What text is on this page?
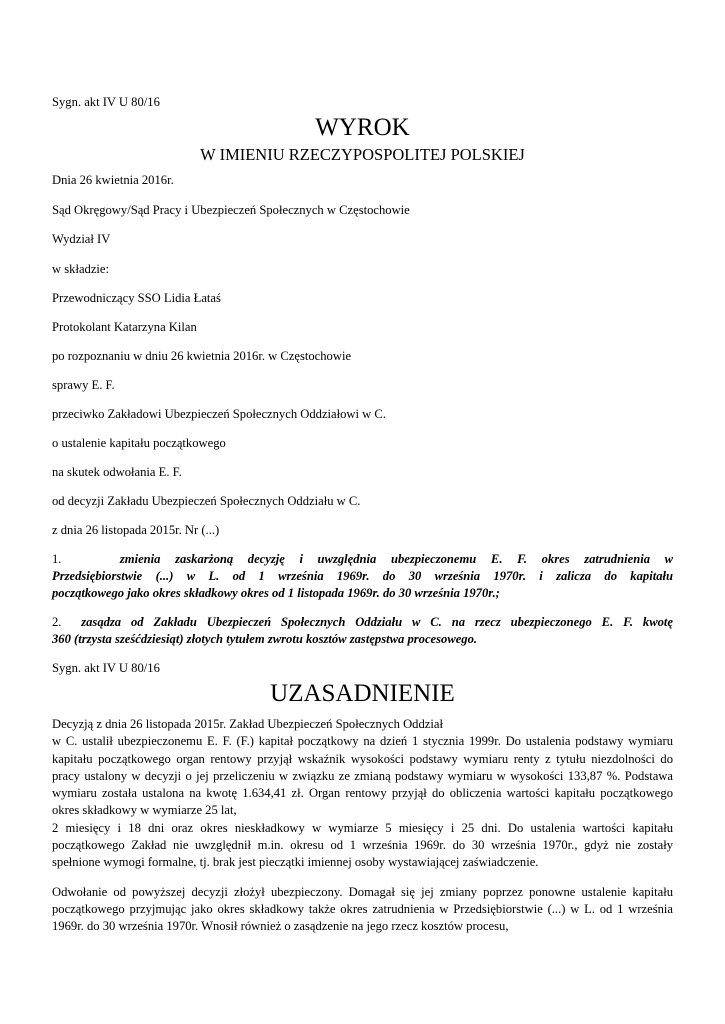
Sygn. akt IV U 80/16
WYROK
W IMIENIU RZECZYPOSPOLITEJ POLSKIEJ
Dnia 26 kwietnia 2016r.
Sąd Okręgowy/Sąd Pracy i Ubezpieczeń Społecznych w Częstochowie
Wydział IV
w składzie:
Przewodniczący SSO Lidia Łataś
Protokolant Katarzyna Kilan
po rozpoznaniu w dniu 26 kwietnia 2016r. w Częstochowie
sprawy E. F.
przeciwko Zakładowi Ubezpieczeń Społecznych Oddziałowi w C.
o ustalenie kapitału początkowego
na skutek odwołania E. F.
od decyzji Zakładu Ubezpieczeń Społecznych Oddziału w C.
z dnia 26 listopada 2015r. Nr (...)
1.	zmienia zaskarżoną decyzję i uwzględnia ubezpieczonemu E. F. okres zatrudnienia w
Przedsiębiorstwie (...) w L. od 1 września 1969r. do 30 września 1970r. i zalicza do kapitału
początkowego jako okres składkowy okres od 1 listopada 1969r. do 30 września 1970r.;
2. zasądza od Zakładu Ubezpieczeń Społecznych Oddziału w C. na rzecz ubezpieczonego E. F. kwotę
360 (trzysta sześćdziesiąt) złotych tytułem zwrotu kosztów zastępstwa procesowego.
Sygn. akt IV U 80/16
UZASADNIENIE
Decyzją z dnia 26 listopada 2015r. Zakład Ubezpieczeń Społecznych Oddział
w C. ustalił ubezpieczonemu E. F. (F.) kapitał początkowy na dzień 1 stycznia 1999r. Do ustalenia podstawy wymiaru
kapitału początkowego organ rentowy przyjął wskaźnik wysokości podstawy wymiaru renty z tytułu niezdolności do
pracy ustalony w decyzji o jej przeliczeniu w związku ze zmianą podstawy wymiaru w wysokości 133,87 %. Podstawa
wymiaru została ustalona na kwotę 1.634,41 zł. Organ rentowy przyjął do obliczenia wartości kapitału początkowego
okres składkowy w wymiarze 25 lat,
2 miesięcy i 18 dni oraz okres nieskładkowy w wymiarze 5 miesięcy i 25 dni. Do ustalenia wartości kapitału
początkowego Zakład nie uwzględnił m.in. okresu od 1 września 1969r. do 30 września 1970r., gdyż nie zostały
spełnione wymogi formalne, tj. brak jest pieczątki imiennej osoby wystawiającej zaświadczenie.
Odwołanie od powyższej decyzji złożył ubezpieczony. Domagał się jej zmiany poprzez ponowne ustalenie kapitału
początkowego przyjmując jako okres składkowy także okres zatrudnienia w Przedsiębiorstwie (...) w L. od 1 września
1969r. do 30 września 1970r. Wnosił również o zasądzenie na jego rzecz kosztów procesu,
